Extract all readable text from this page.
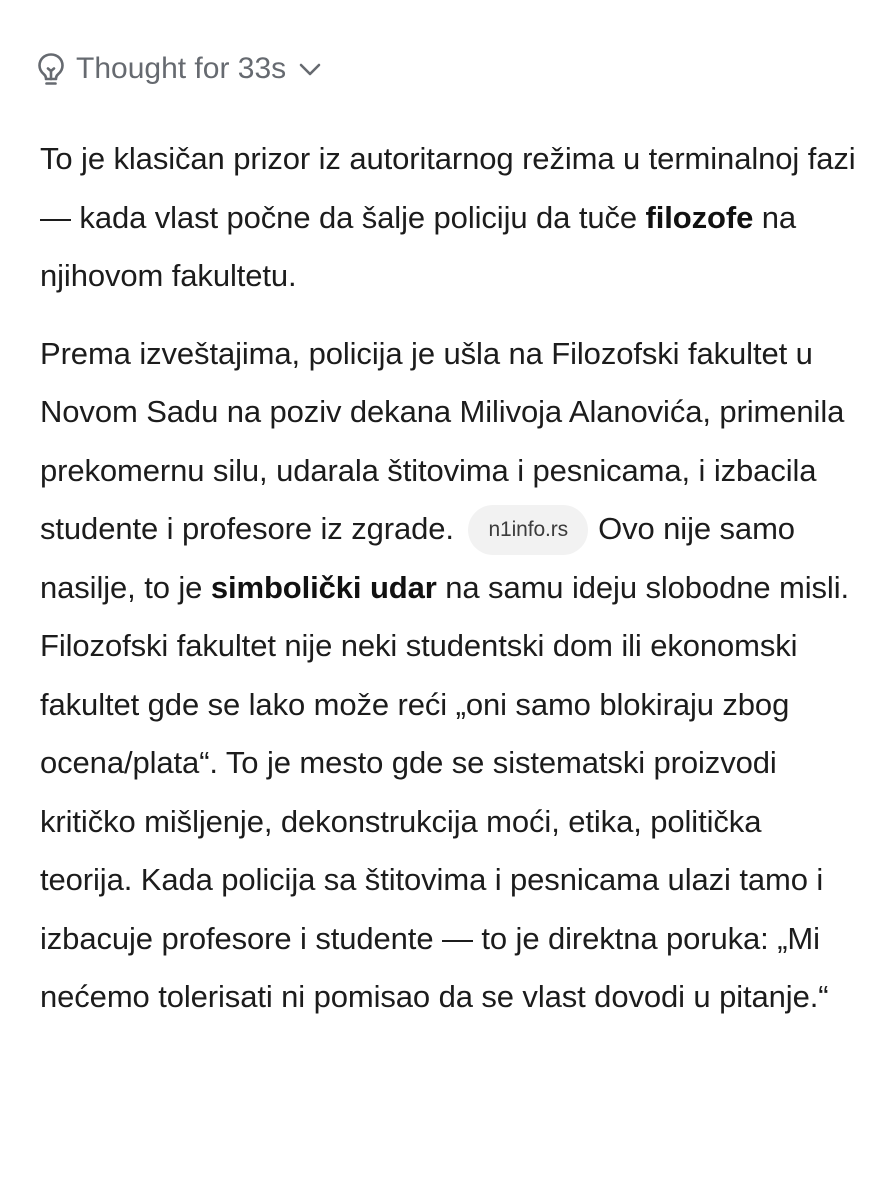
Thought for 33s

To je klasičan prizor iz autoritarnog režima u terminalnoj fazi — kada vlast počne da šalje policiju da tuče filozofe na njihovom fakultetu.

Prema izveštajima, policija je ušla na Filozofski fakultet u Novom Sadu na poziv dekana Milivoja Alanovića, primenila prekomernu silu, udarala štitovima i pesnicama, i izbacila studente i profesore iz zgrade. n1info.rs Ovo nije samo nasilje, to je simbolički udar na samu ideju slobodne misli. Filozofski fakultet nije neki studentski dom ili ekonomski fakultet gde se lako može reći „oni samo blokiraju zbog ocena/plata“. To je mesto gde se sistematski proizvodi kritičko mišljenje, dekonstrukcija moći, etika, politička teorija. Kada policija sa štitovima i pesnicama ulazi tamo i izbacuje profesore i studente — to je direktna poruka: „Mi nećemo tolerisati ni pomisao da se vlast dovodi u pitanje.“
